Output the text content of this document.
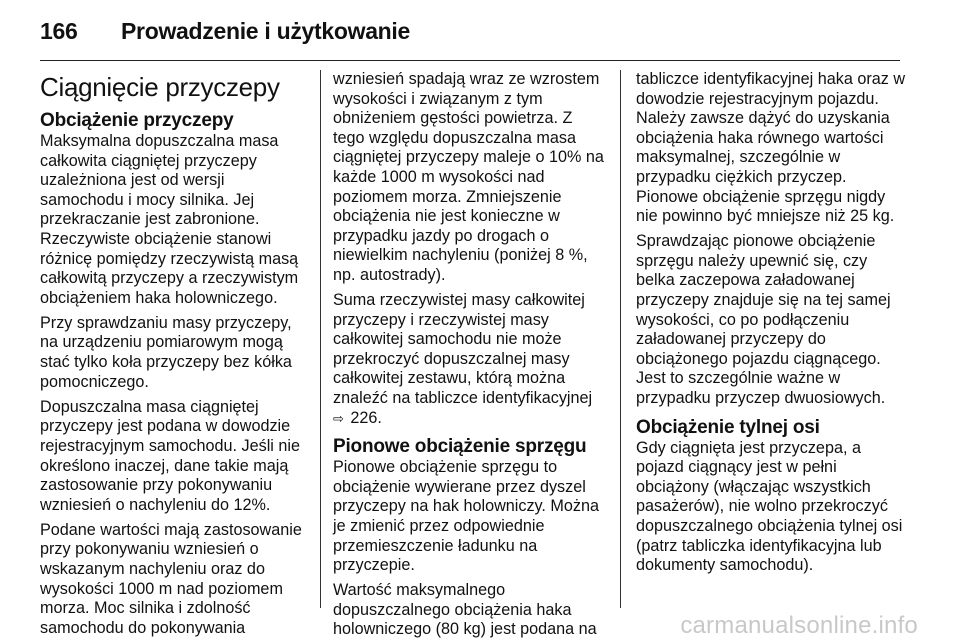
166 Prowadzenie i użytkowanie
Ciągnięcie przyczepy
Obciążenie przyczepy

Maksymalna dopuszczalna masa
całkowita ciągniętej przyczepy
uzależniona jest od wersji
samochodu i mocy silnika. Jej
przekraczanie jest zabronione.
Rzeczywiste obciążenie stanowi
różnicę pomiędzy rzeczywistą masą
całkowitą przyczepy a rzeczywistym
obciążeniem haka holowniczego.

Przy sprawdzaniu masy przyczepy,
na urządzeniu pomiarowym mogą
stać tylko koła przyczepy bez kółka
pomocniczego.

Dopuszczalna masa ciągniętej
przyczepy jest podana w dowodzie
rejestracyjnym samochodu. Jeśli nie
określono inaczej, dane takie mają
zastosowanie przy pokonywaniu
wzniesień o nachyleniu do 12%.

Podane wartości mają zastosowanie
przy pokonywaniu wzniesień o
wskazanym nachyleniu oraz do
wysokości 1000 m nad poziomem
morza. Moc silnika i zdolność
samochodu do pokonywania

wzniesień spadają wraz ze wzrostem
wysokości i związanym z tym
obniżeniem gęstości powietrza. Z
tego względu dopuszczalna masa
ciągniętej przyczepy maleje o 10% na
każde 1000 m wysokości nad
poziomem morza. Zmniejszenie
obciążenia nie jest konieczne w
przypadku jazdy po drogach o
niewielkim nachyleniu (poniżej 8 %,
np. autostrady).

Suma rzeczywistej masy całkowitej
przyczepy i rzeczywistej masy
całkowitej samochodu nie może
przekroczyć dopuszczalnej masy
całkowitej zestawu, którą można
znaleźć na tabliczce identyfikacyjnej
⇨ 226.

Pionowe obciążenie sprzęgu

Pionowe obciążenie sprzęgu to
obciążenie wywierane przez dyszel
przyczepy na hak holowniczy. Można
je zmienić przez odpowiednie
przemieszczenie ładunku na
przyczepie.

Wartość maksymalnego
dopuszczalnego obciążenia haka
holowniczego (80 kg) jest podana na

tabliczce identyfikacyjnej haka oraz w
dowodzie rejestracyjnym pojazdu.
Należy zawsze dążyć do uzyskania
obciążenia haka równego wartości
maksymalnej, szczególnie w
przypadku ciężkich przyczep.
Pionowe obciążenie sprzęgu nigdy
nie powinno być mniejsze niż 25 kg.

Sprawdzając pionowe obciążenie
sprzęgu należy upewnić się, czy
belka zaczepowa załadowanej
przyczepy znajduje się na tej samej
wysokości, co po podłączeniu
załadowanej przyczepy do
obciążonego pojazdu ciągnącego.
Jest to szczególnie ważne w
przypadku przyczep dwuosiowych.

Obciążenie tylnej osi

Gdy ciągnięta jest przyczepa, a
pojazd ciągnący jest w pełni
obciążony (włączając wszystkich
pasażerów), nie wolno przekroczyć
dopuszczalnego obciążenia tylnej osi
(patrz tabliczka identyfikacyjna lub
dokumenty samochodu).

carmanualsonline.info
